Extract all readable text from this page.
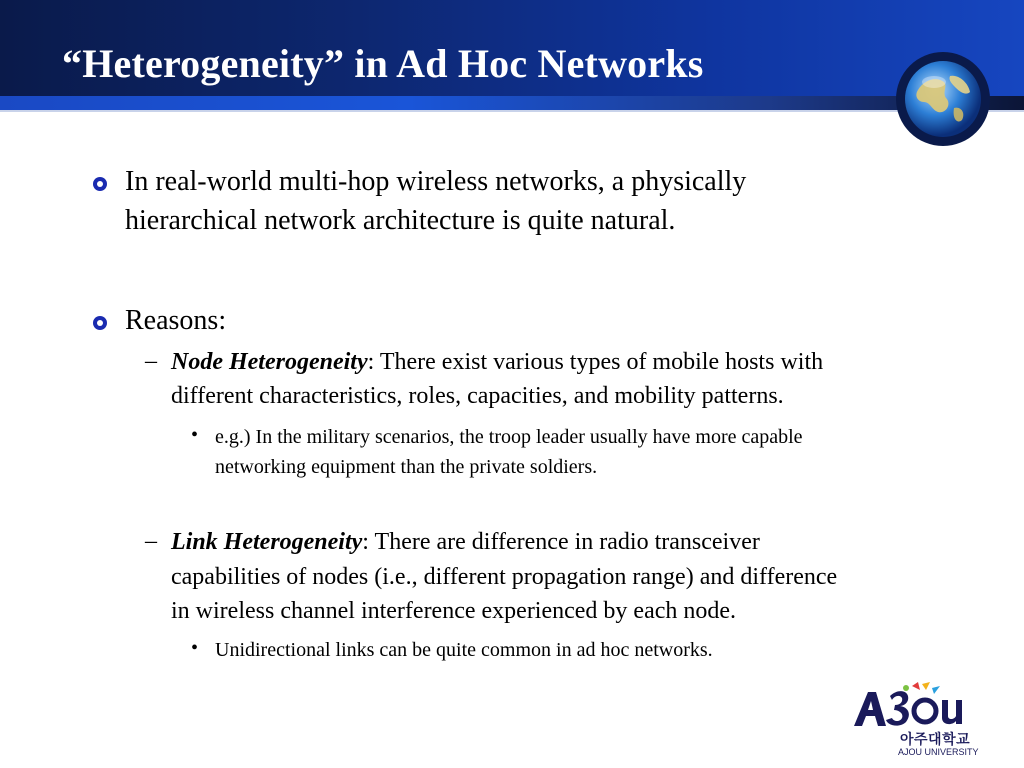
“Heterogeneity” in Ad Hoc Networks
In real-world multi-hop wireless networks, a physically
hierarchical network architecture is quite natural.
Reasons:
– Node Heterogeneity: There exist various types of mobile hosts with
different characteristics, roles, capacities, and mobility patterns.
• e.g.) In the military scenarios, the troop leader usually have more capable
networking equipment than the private soldiers.
– Link Heterogeneity: There are difference in radio transceiver
capabilities of nodes (i.e., different propagation range) and difference
in wireless channel interference experienced by each node.
• Unidirectional links can be quite common in ad hoc networks.
아주대학교
AJOU UNIVERSITY
